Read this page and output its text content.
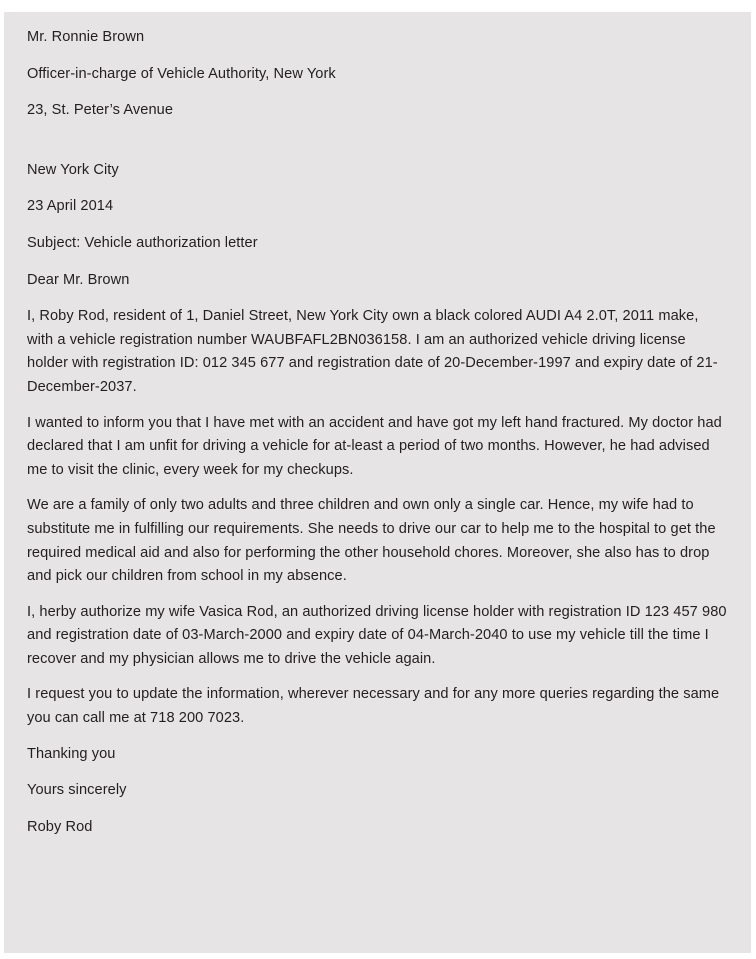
Mr. Ronnie Brown

Officer-in-charge of Vehicle Authority, New York

23, St. Peter’s Avenue

New York City

23 April 2014

Subject: Vehicle authorization letter

Dear Mr. Brown

I, Roby Rod, resident of 1, Daniel Street, New York City own a black colored AUDI A4 2.0T, 2011 make, with a vehicle registration number WAUBFAFL2BN036158. I am an authorized vehicle driving license holder with registration ID: 012 345 677 and registration date of 20-December-1997 and expiry date of 21-December-2037.

I wanted to inform you that I have met with an accident and have got my left hand fractured. My doctor had declared that I am unfit for driving a vehicle for at-least a period of two months. However, he had advised me to visit the clinic, every week for my checkups.

We are a family of only two adults and three children and own only a single car. Hence, my wife had to substitute me in fulfilling our requirements. She needs to drive our car to help me to the hospital to get the required medical aid and also for performing the other household chores. Moreover, she also has to drop and pick our children from school in my absence.

I, herby authorize my wife Vasica Rod, an authorized driving license holder with registration ID 123 457 980 and registration date of 03-March-2000 and expiry date of 04-March-2040 to use my vehicle till the time I recover and my physician allows me to drive the vehicle again.

I request you to update the information, wherever necessary and for any more queries regarding the same you can call me at 718 200 7023.

Thanking you

Yours sincerely

Roby Rod
